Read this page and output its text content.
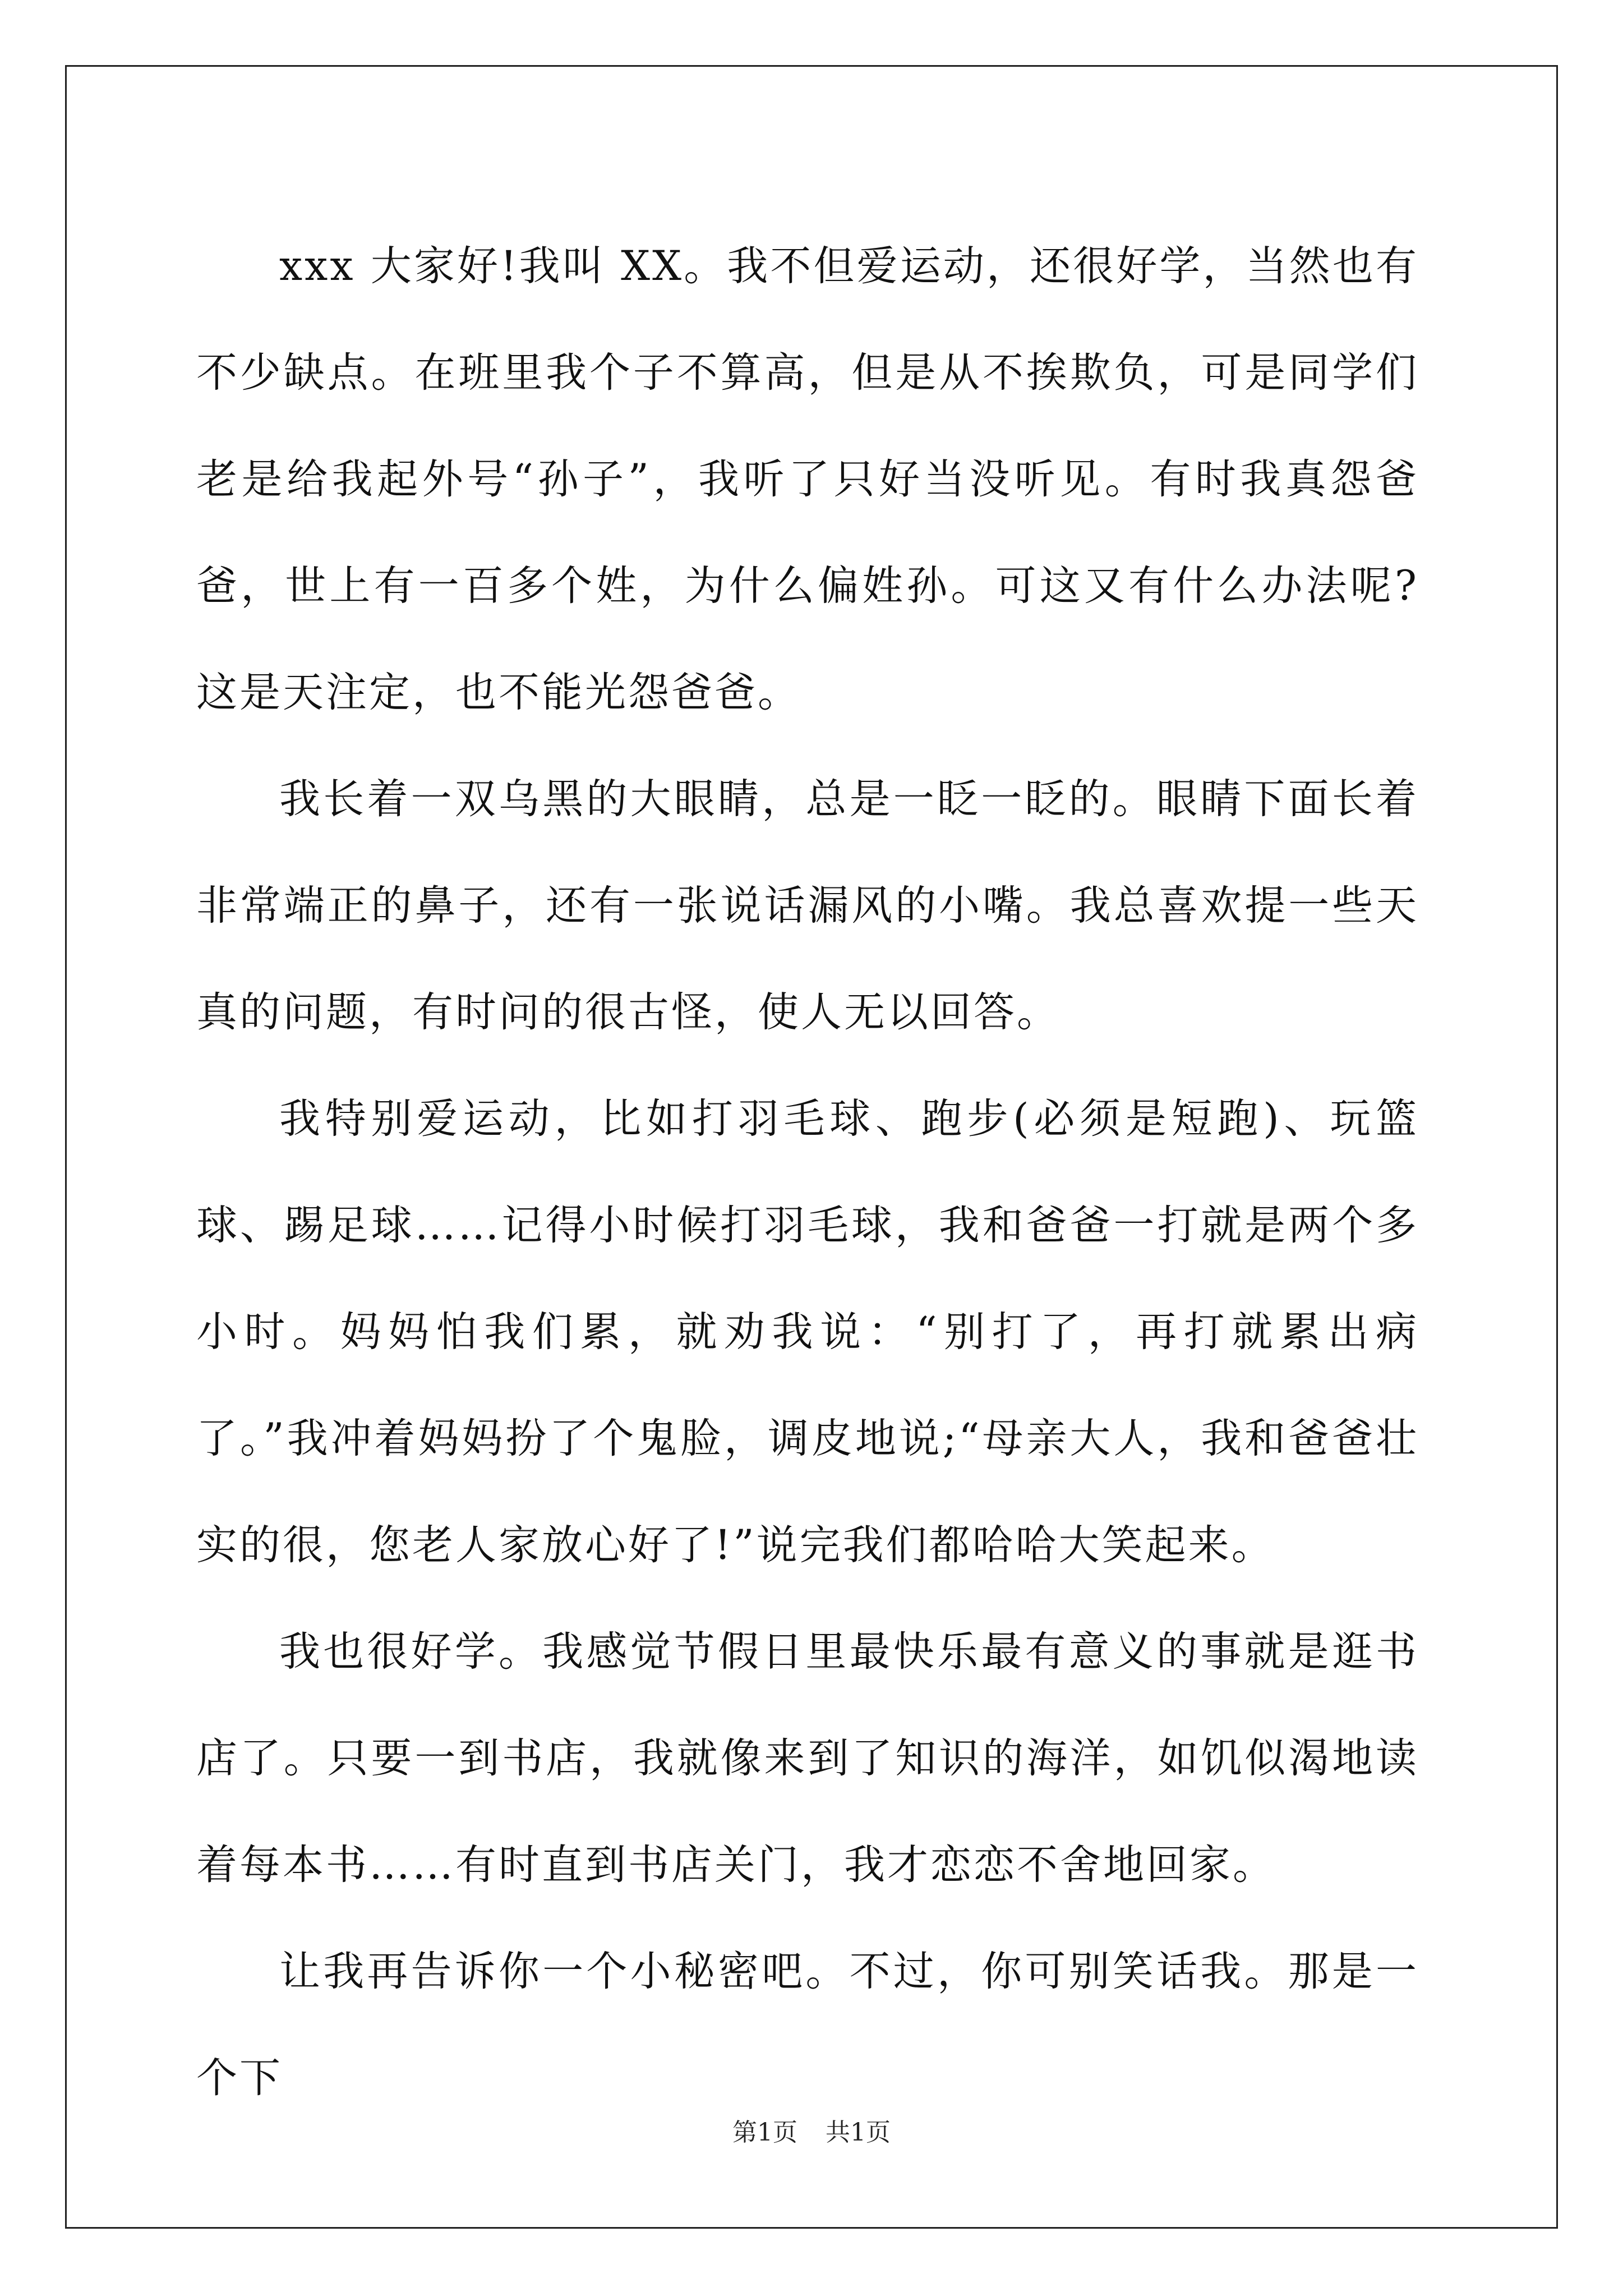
xxx 大家好!我叫 XX。我不但爱运动，还很好学，当然也有不少缺点。在班里我个子不算高，但是从不挨欺负，可是同学们老是给我起外号“孙子”，我听了只好当没听见。有时我真怨爸爸，世上有一百多个姓，为什么偏姓孙。可这又有什么办法呢?这是天注定，也不能光怨爸爸。

我长着一双乌黑的大眼睛，总是一眨一眨的。眼睛下面长着非常端正的鼻子，还有一张说话漏风的小嘴。我总喜欢提一些天真的问题，有时问的很古怪，使人无以回答。

我特别爱运动，比如打羽毛球、跑步(必须是短跑)、玩篮球、踢足球……记得小时候打羽毛球，我和爸爸一打就是两个多小时。妈妈怕我们累，就劝我说：“别打了，再打就累出病了。”我冲着妈妈扮了个鬼脸，调皮地说;“母亲大人，我和爸爸壮实的很，您老人家放心好了!”说完我们都哈哈大笑起来。

我也很好学。我感觉节假日里最快乐最有意义的事就是逛书店了。只要一到书店，我就像来到了知识的海洋，如饥似渴地读着每本书……有时直到书店关门，我才恋恋不舍地回家。

让我再告诉你一个小秘密吧。不过，你可别笑话我。那是一个下

第1页 共1页
